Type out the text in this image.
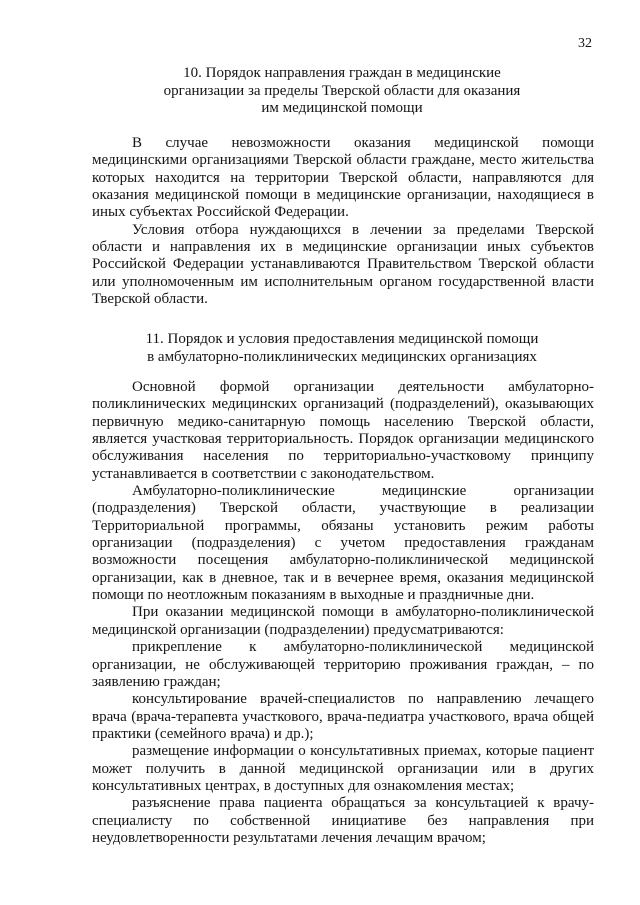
32
10. Порядок направления граждан в медицинские
организации за пределы Тверской области для оказания
им медицинской помощи

В случае невозможности оказания медицинской помощи медицинскими организациями Тверской области граждане, место жительства которых находится на территории Тверской области, направляются для оказания медицинской помощи в медицинские организации, находящиеся в иных субъектах Российской Федерации.

Условия отбора нуждающихся в лечении за пределами Тверской области и направления их в медицинские организации иных субъектов Российской Федерации устанавливаются Правительством Тверской области или уполномоченным им исполнительным органом государственной власти Тверской области.

11. Порядок и условия предоставления медицинской помощи
в амбулаторно-поликлинических медицинских организациях

Основной формой организации деятельности амбулаторно-поликлинических медицинских организаций (подразделений), оказывающих первичную медико-санитарную помощь населению Тверской области, является участковая территориальность. Порядок организации медицинского обслуживания населения по территориально-участковому принципу устанавливается в соответствии с законодательством.

Амбулаторно-поликлинические медицинские организации (подразделения) Тверской области, участвующие в реализации Территориальной программы, обязаны установить режим работы организации (подразделения) с учетом предоставления гражданам возможности посещения амбулаторно-поликлинической медицинской организации, как в дневное, так и в вечернее время, оказания медицинской помощи по неотложным показаниям в выходные и праздничные дни.

При оказании медицинской помощи в амбулаторно-поликлинической медицинской организации (подразделении) предусматриваются:

прикрепление к амбулаторно-поликлинической медицинской организации, не обслуживающей территорию проживания граждан, – по заявлению граждан;

консультирование врачей-специалистов по направлению лечащего врача (врача-терапевта участкового, врача-педиатра участкового, врача общей практики (семейного врача) и др.);

размещение информации о консультативных приемах, которые пациент может получить в данной медицинской организации или в других консультативных центрах, в доступных для ознакомления местах;

разъяснение права пациента обращаться за консультацией к врачу-специалисту по собственной инициативе без направления при неудовлетворенности результатами лечения лечащим врачом;
